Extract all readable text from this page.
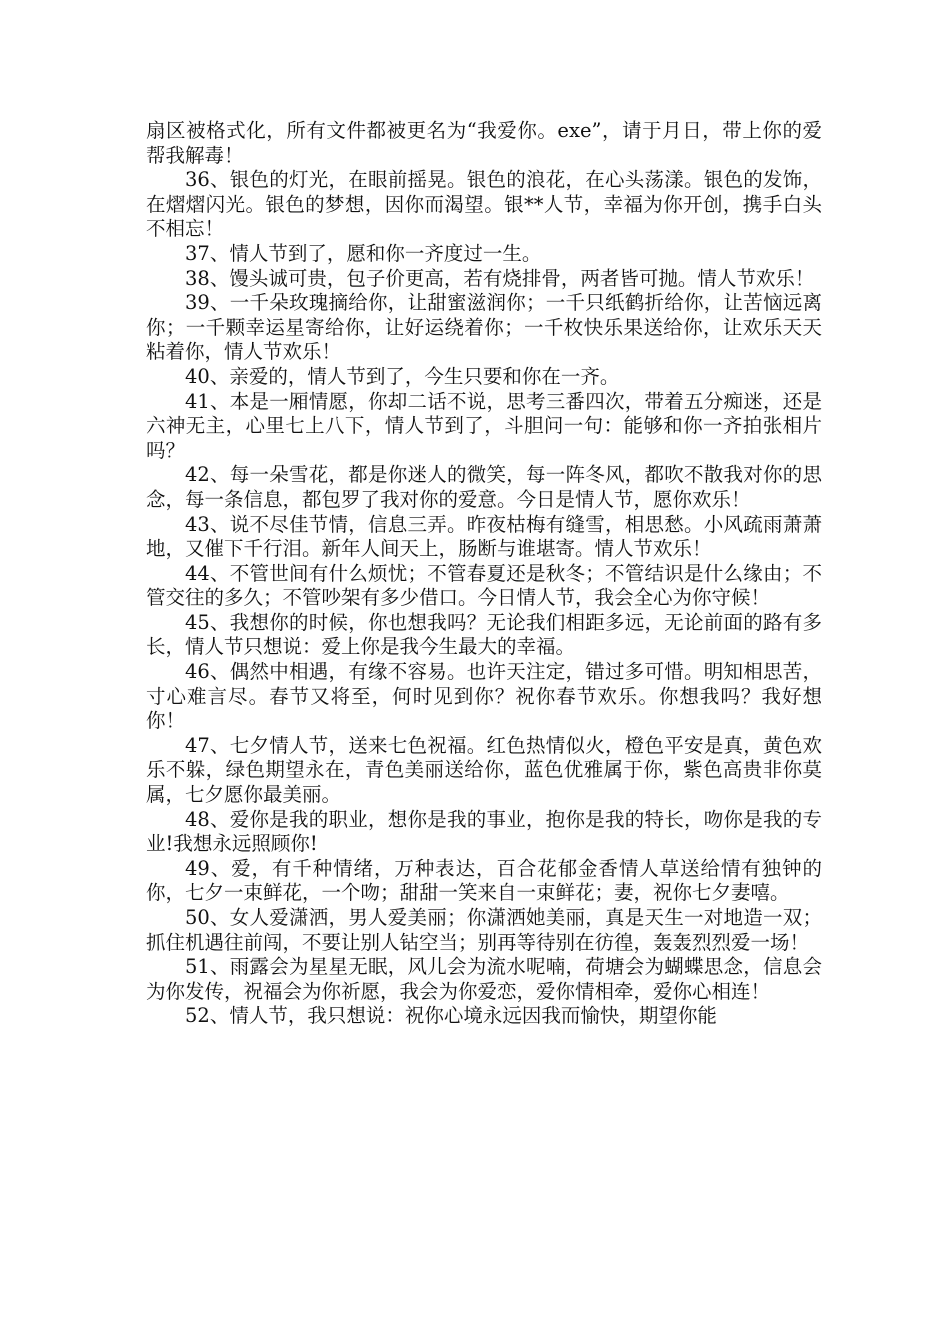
扇区被格式化，所有文件都被更名为“我爱你。exe”，请于月日，带上你的爱帮我解毒！

36、银色的灯光，在眼前摇晃。银色的浪花，在心头荡漾。银色的发饰，在熠熠闪光。银色的梦想，因你而渴望。银**人节，幸福为你开创，携手白头不相忘！

37、情人节到了，愿和你一齐度过一生。

38、馒头诚可贵，包子价更高，若有烧排骨，两者皆可抛。情人节欢乐！

39、一千朵玫瑰摘给你，让甜蜜滋润你；一千只纸鹤折给你，让苦恼远离你；一千颗幸运星寄给你，让好运绕着你；一千枚快乐果送给你，让欢乐天天粘着你，情人节欢乐！

40、亲爱的，情人节到了，今生只要和你在一齐。

41、本是一厢情愿，你却二话不说，思考三番四次，带着五分痴迷，还是六神无主，心里七上八下，情人节到了，斗胆问一句：能够和你一齐拍张相片吗？

42、每一朵雪花，都是你迷人的微笑，每一阵冬风，都吹不散我对你的思念，每一条信息，都包罗了我对你的爱意。今日是情人节，愿你欢乐！

43、说不尽佳节情，信息三弄。昨夜枯梅有缝雪，相思愁。小风疏雨萧萧地，又催下千行泪。新年人间天上，肠断与谁堪寄。情人节欢乐！

44、不管世间有什么烦忧；不管春夏还是秋冬；不管结识是什么缘由；不管交往的多久；不管吵架有多少借口。今日情人节，我会全心为你守候！

45、我想你的时候，你也想我吗？无论我们相距多远，无论前面的路有多长，情人节只想说：爱上你是我今生最大的幸福。

46、偶然中相遇，有缘不容易。也许天注定，错过多可惜。明知相思苦，寸心难言尽。春节又将至，何时见到你？祝你春节欢乐。你想我吗？我好想你！

47、七夕情人节，送来七色祝福。红色热情似火，橙色平安是真，黄色欢乐不躲，绿色期望永在，青色美丽送给你，蓝色优雅属于你，紫色高贵非你莫属，七夕愿你最美丽。

48、爱你是我的职业，想你是我的事业，抱你是我的特长，吻你是我的专业!我想永远照顾你!

49、爱，有千种情绪，万种表达，百合花郁金香情人草送给情有独钟的你，七夕一束鲜花，一个吻；甜甜一笑来自一束鲜花；妻，祝你七夕妻嘻。

50、女人爱潇洒，男人爱美丽；你潇洒她美丽，真是天生一对地造一双；抓住机遇往前闯，不要让别人钻空当；别再等待别在彷徨，轰轰烈烈爱一场！

51、雨露会为星星无眠，风儿会为流水呢喃，荷塘会为蝴蝶思念，信息会为你发传，祝福会为你祈愿，我会为你爱恋，爱你情相牵，爱你心相连！

52、情人节，我只想说：祝你心境永远因我而愉快，期望你能
